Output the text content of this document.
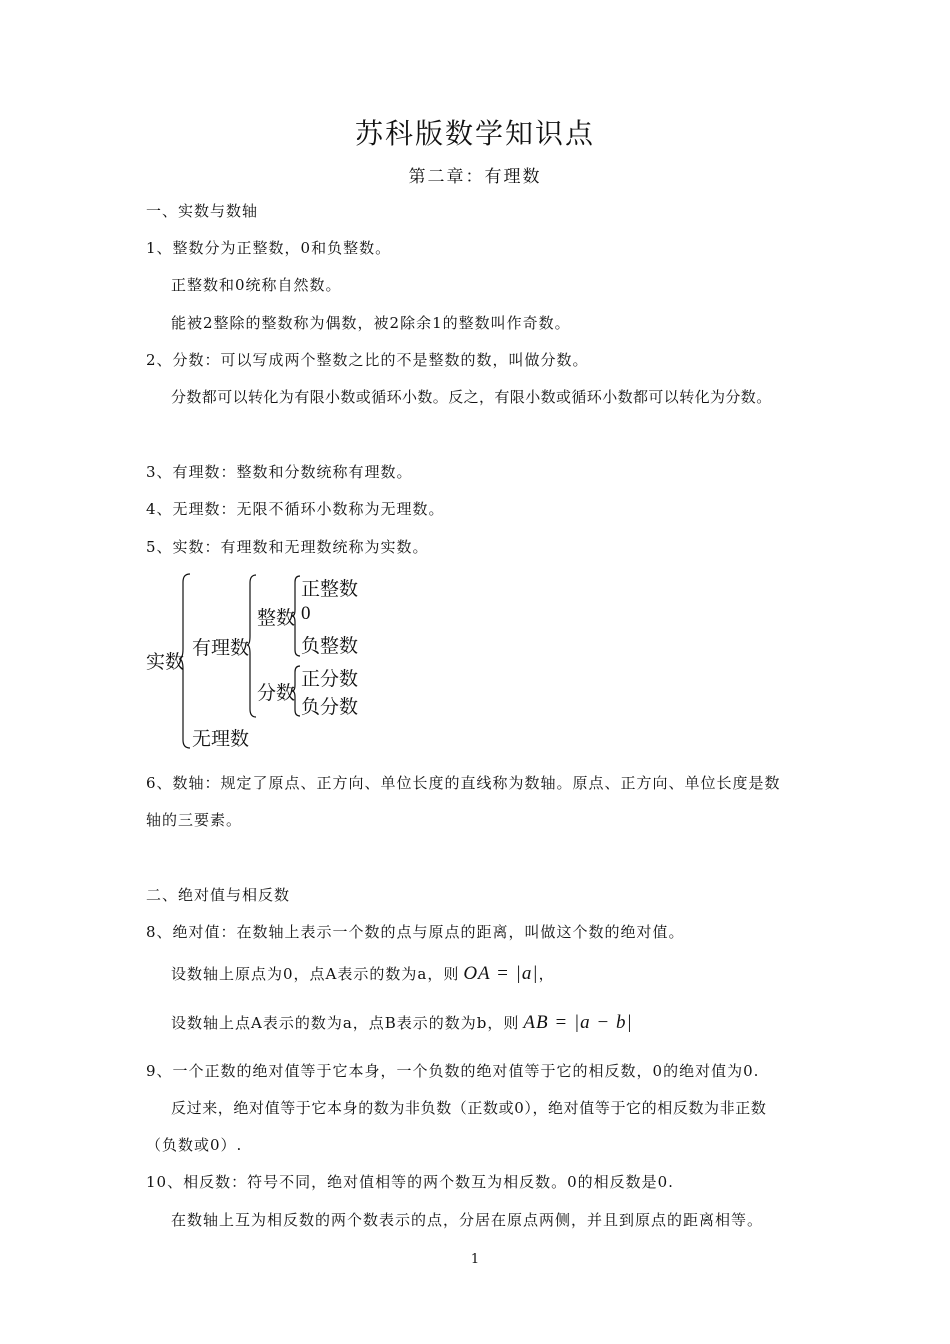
苏科版数学知识点
第二章：有理数
一、实数与数轴
1、整数分为正整数，0和负整数。
正整数和0统称自然数。
能被2整除的整数称为偶数，被2除余1的整数叫作奇数。
2、分数：可以写成两个整数之比的不是整数的数，叫做分数。
分数都可以转化为有限小数或循环小数。反之，有限小数或循环小数都可以转化为分数。
3、有理数：整数和分数统称有理数。
4、无理数：无限不循环小数称为无理数。
5、实数：有理数和无理数统称为实数。
实数
有理数
无理数
整数
分数
正整数
0
负整数
正分数
负分数
6、数轴：规定了原点、正方向、单位长度的直线称为数轴。原点、正方向、单位长度是数
轴的三要素。
二、绝对值与相反数
8、绝对值：在数轴上表示一个数的点与原点的距离，叫做这个数的绝对值。
设数轴上原点为0，点A表示的数为a，则 OA = |a|，
设数轴上点A表示的数为a，点B表示的数为b，则 AB = |a − b|
9、一个正数的绝对值等于它本身，一个负数的绝对值等于它的相反数，0的绝对值为0.
反过来，绝对值等于它本身的数为非负数（正数或0），绝对值等于它的相反数为非正数
（负数或0）.
10、相反数：符号不同，绝对值相等的两个数互为相反数。0的相反数是0.
在数轴上互为相反数的两个数表示的点，分居在原点两侧，并且到原点的距离相等。
1
